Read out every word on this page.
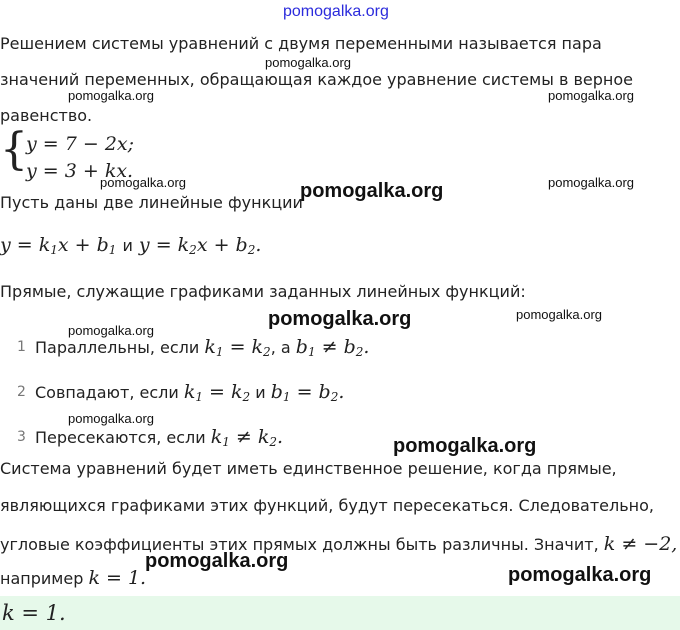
pomogalka.org
Решением системы уравнений с двумя переменными называется пара
pomogalka.org
значений переменных, обращающая каждое уравнение системы в верное
pomogalka.org	pomogalka.org
равенство.
{
y = 7 − 2x;
y = 3 + kx.
pomogalka.org	pomogalka.org
Пусть даны две линейные функции
pomogalka.org
$y = k_1x + b_1$ и $y = k_2x + b_2$.
Прямые, служащие графиками заданных линейных функций:
pomogalka.org
pomogalka.org	pomogalka.org
1 Параллельны, если $k_1 = k_2$, а $b_1 \ne b_2$.
2 Совпадают, если $k_1 = k_2$ и $b_1 = b_2$.
pomogalka.org
3 Пересекаются, если $k_1 \ne k_2$.	pomogalka.org
Система уравнений будет иметь единственное решение, когда прямые,
являющихся графиками этих функций, будут пересекаться. Следовательно,
угловые коэффициенты этих прямых должны быть различны. Значит, k ≠ −2,
например k = 1.
pomogalka.org
pomogalka.org
k = 1.
